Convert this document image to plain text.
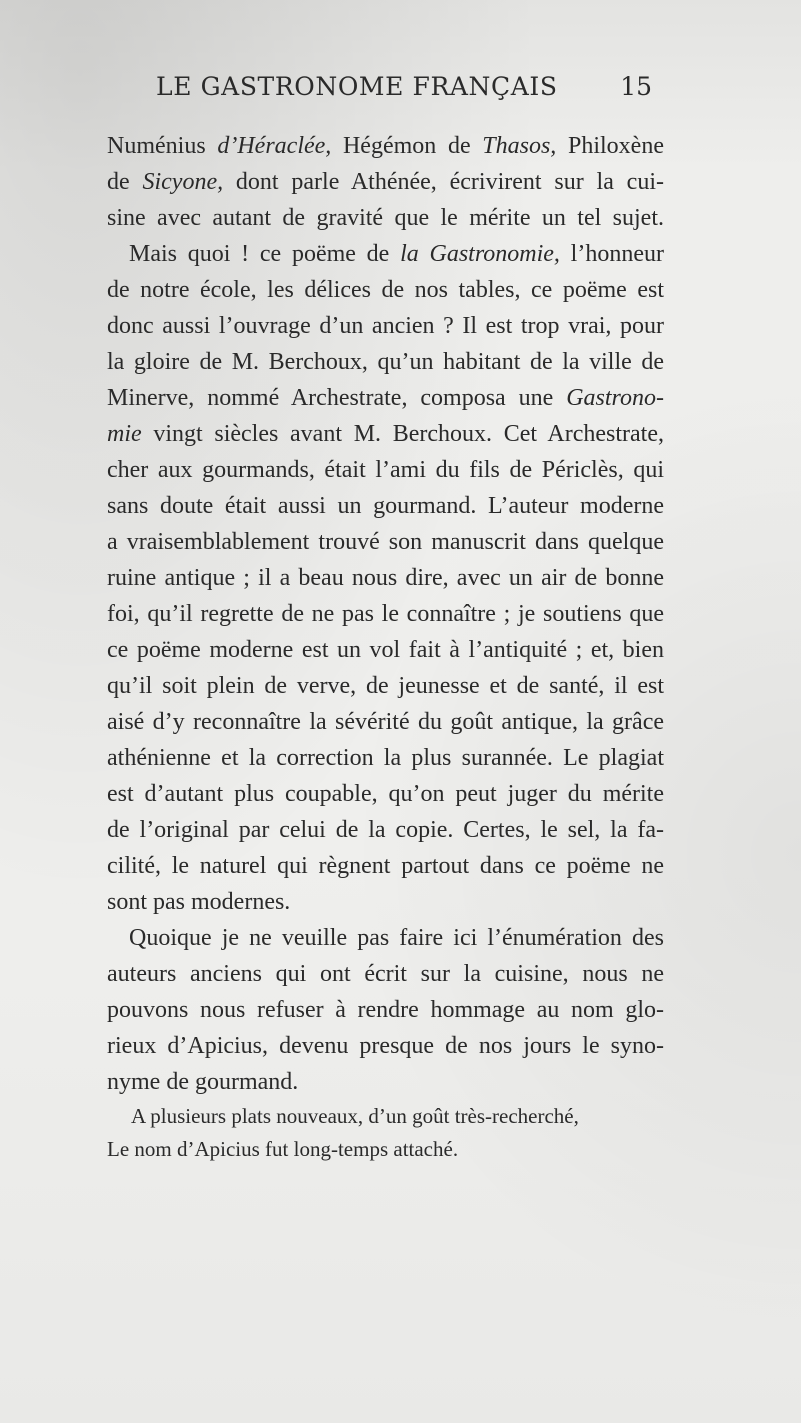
LE GASTRONOME FRANÇAIS	15
Numénius d’Héraclée, Hégémon de Thasos, Philoxène
de Sicyone, dont parle Athénée, écrivirent sur la cui-
sine avec autant de gravité que le mérite un tel sujet.
Mais quoi ! ce poëme de la Gastronomie, l’honneur
de notre école, les délices de nos tables, ce poëme est
donc aussi l’ouvrage d’un ancien ? Il est trop vrai, pour
la gloire de M. Berchoux, qu’un habitant de la ville de
Minerve, nommé Archestrate, composa une Gastrono-
mie vingt siècles avant M. Berchoux. Cet Archestrate,
cher aux gourmands, était l’ami du fils de Périclès, qui
sans doute était aussi un gourmand. L’auteur moderne
a vraisemblablement trouvé son manuscrit dans quelque
ruine antique ; il a beau nous dire, avec un air de bonne
foi, qu’il regrette de ne pas le connaître ; je soutiens que
ce poëme moderne est un vol fait à l’antiquité ; et, bien
qu’il soit plein de verve, de jeunesse et de santé, il est
aisé d’y reconnaître la sévérité du goût antique, la grâce
athénienne et la correction la plus surannée. Le plagiat
est d’autant plus coupable, qu’on peut juger du mérite
de l’original par celui de la copie. Certes, le sel, la fa-
cilité, le naturel qui règnent partout dans ce poëme ne
sont pas modernes.
Quoique je ne veuille pas faire ici l’énumération des
auteurs anciens qui ont écrit sur la cuisine, nous ne
pouvons nous refuser à rendre hommage au nom glo-
rieux d’Apicius, devenu presque de nos jours le syno-
nyme de gourmand.
A plusieurs plats nouveaux, d’un goût très-recherché,
Le nom d’Apicius fut long-temps attaché.
